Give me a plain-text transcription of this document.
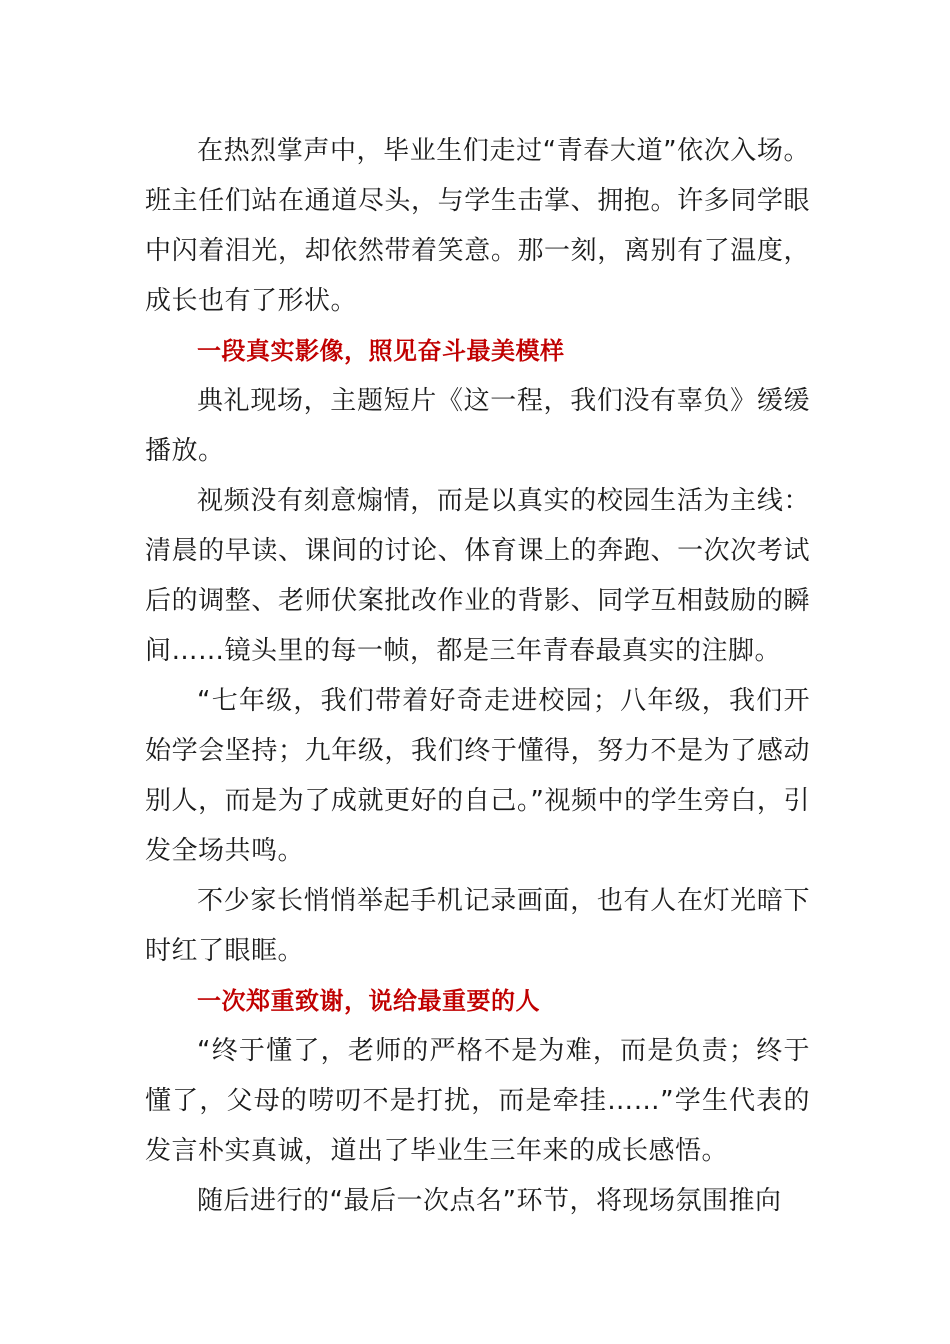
在热烈掌声中，毕业生们走过“青春大道”依次入场。班主任们站在通道尽头，与学生击掌、拥抱。许多同学眼中闪着泪光，却依然带着笑意。那一刻，离别有了温度，成长也有了形状。

一段真实影像，照见奋斗最美模样

典礼现场，主题短片《这一程，我们没有辜负》缓缓播放。

视频没有刻意煽情，而是以真实的校园生活为主线：清晨的早读、课间的讨论、体育课上的奔跑、一次次考试后的调整、老师伏案批改作业的背影、同学互相鼓励的瞬间……镜头里的每一帧，都是三年青春最真实的注脚。

“七年级，我们带着好奇走进校园；八年级，我们开始学会坚持；九年级，我们终于懂得，努力不是为了感动别人，而是为了成就更好的自己。”视频中的学生旁白，引发全场共鸣。

不少家长悄悄举起手机记录画面，也有人在灯光暗下时红了眼眶。

一次郑重致谢，说给最重要的人

“终于懂了，老师的严格不是为难，而是负责；终于懂了，父母的唠叨不是打扰，而是牵挂……”学生代表的发言朴实真诚，道出了毕业生三年来的成长感悟。

随后进行的“最后一次点名”环节，将现场氛围推向
